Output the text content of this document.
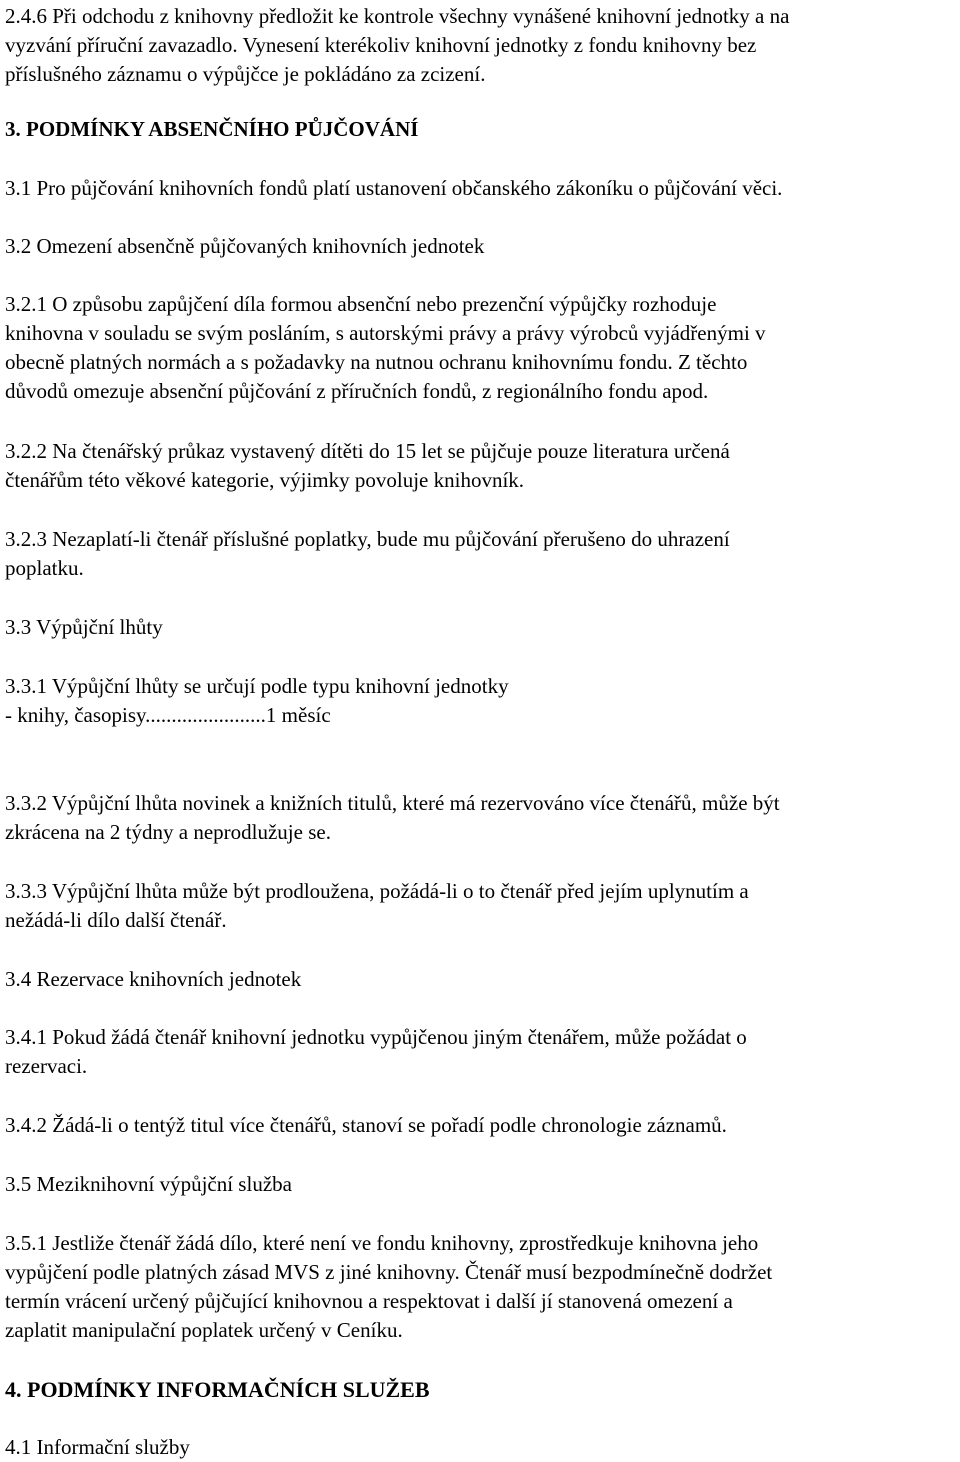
2.4.6 Při odchodu z knihovny předložit ke kontrole všechny vynášené knihovní jednotky a na
vyzvání příruční zavazadlo. Vynesení kterékoliv knihovní jednotky z fondu knihovny bez
příslušného záznamu o výpůjčce je pokládáno za zcizení.
3. PODMÍNKY ABSENČNÍHO PŮJČOVÁNÍ
3.1 Pro půjčování knihovních fondů platí ustanovení občanského zákoníku o půjčování věci.
3.2 Omezení absenčně půjčovaných knihovních jednotek
3.2.1 O způsobu zapůjčení díla formou absenční nebo prezenční výpůjčky rozhoduje
knihovna v souladu se svým posláním, s autorskými právy a právy výrobců vyjádřenými v
obecně platných normách a s požadavky na nutnou ochranu knihovnímu fondu. Z těchto
důvodů omezuje absenční půjčování z příručních fondů, z regionálního fondu apod.
3.2.2 Na čtenářský průkaz vystavený dítěti do 15 let se půjčuje pouze literatura určená
čtenářům této věkové kategorie, výjimky povoluje knihovník.
3.2.3 Nezaplatí-li čtenář příslušné poplatky, bude mu půjčování přerušeno do uhrazení
poplatku.
3.3 Výpůjční lhůty
3.3.1 Výpůjční lhůty se určují podle typu knihovní jednotky
- knihy, časopisy.......................1 měsíc
3.3.2 Výpůjční lhůta novinek a knižních titulů, které má rezervováno více čtenářů, může být
zkrácena na 2 týdny a neprodlužuje se.
3.3.3 Výpůjční lhůta může být prodloužena, požádá-li o to čtenář před jejím uplynutím a
nežádá-li dílo další čtenář.
3.4 Rezervace knihovních jednotek
3.4.1 Pokud žádá čtenář knihovní jednotku vypůjčenou jiným čtenářem, může požádat o
rezervaci.
3.4.2 Žádá-li o tentýž titul více čtenářů, stanoví se pořadí podle chronologie záznamů.
3.5 Meziknihovní výpůjční služba
3.5.1 Jestliže čtenář žádá dílo, které není ve fondu knihovny, zprostředkuje knihovna jeho
vypůjčení podle platných zásad MVS z jiné knihovny. Čtenář musí bezpodmínečně dodržet
termín vrácení určený půjčující knihovnou a respektovat i další jí stanovená omezení a
zaplatit manipulační poplatek určený v Ceníku.
4. PODMÍNKY INFORMAČNÍCH SLUŽEB
4.1 Informační služby
